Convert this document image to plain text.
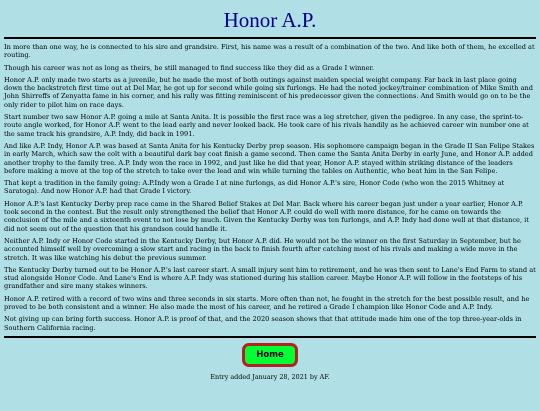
Honor A.P.

In more than one way, he is connected to his sire and grandsire. First, his name was a result of a combination of the two. And like both of them, he excelled at routing.

Though his career was not as long as theirs, he still managed to find success like they did as a Grade I winner.

Honor A.P. only made two starts as a juvenile, but he made the most of both outings against maiden special weight company. Far back in last place going down the backstretch first time out at Del Mar, he got up for second while going six furlongs. He had the noted jockey/trainer combination of Mike Smith and John Shirreffs of Zenyatta fame in his corner, and his rally was fitting reminiscent of his predecessor given the connections. And Smith would go on to be the only rider to pilot him on race days.

Start number two saw Honor A.P. going a mile at Santa Anita. It is possible the first race was a leg stretcher, given the pedigree. In any case, the sprint-to-route angle worked, for Honor A.P. went to the lead early and never looked back. He took care of his rivals handily as he achieved career win number one at the same track his grandsire, A.P. Indy, did back in 1991.

And like A.P. Indy, Honor A.P. was based at Santa Anita for his Kentucky Derby prep season. His sophomore campaign began in the Grade II San Felipe Stakes in early March, which saw the colt with a beautiful dark bay coat finish a game second. Then came the Santa Anita Derby in early June, and Honor A.P. added another trophy to the family tree. A.P. Indy won the race in 1992, and just like he did that year, Honor A.P. stayed within striking distance of the leaders before making a move at the top of the stretch to take over the lead and win while turning the tables on Authentic, who beat him in the San Felipe.

That kept a tradition in the family going: A.P.Indy won a Grade I at nine furlongs, as did Honor A.P.'s sire, Honor Code (who won the 2015 Whitney at Saratoga). And now Honor A.P. had that Grade I victory.

Honor A.P.'s last Kentucky Derby prep race came in the Shared Belief Stakes at Del Mar. Back where his career began just under a year earlier, Honor A.P. took second in the contest. But the result only strengthened the belief that Honor A.P. could do well with more distance, for he came on towards the conclusion of the mile and a sixteenth event to not lose by much. Given the Kentucky Derby was ten furlongs, and A.P. Indy had done well at that distance, it did not seem out of the question that his grandson could handle it.

Neither A.P. Indy or Honor Code started in the Kentucky Derby, but Honor A.P. did. He would not be the winner on the first Saturday in September, but he accounted himself well by overcoming a slow start and racing in the back to finish fourth after catching most of his rivals and making a wide move in the stretch. It was like watching his debut the previous summer.

The Kentucky Derby turned out to be Honor A.P.'s last career start. A small injury sent him to retirement, and he was then sent to Lane's End Farm to stand at stud alongside Honor Code. And Lane's End is where A.P. Indy was stationed during his stallion career. Maybe Honor A.P. will follow in the footsteps of his grandfather and sire many stakes winners.

Honor A.P. retired with a record of two wins and three seconds in six starts. More often than not, he fought in the stretch for the best possible result, and he proved to be both consistent and a winner. He also made the most of his career, and he retired a Grade I champion like Honor Code and A.P. Indy.

Not giving up can bring forth success. Honor A.P. is proof of that, and the 2020 season shows that that attitude made him one of the top three-year-olds in Southern California racing.

Home
Entry added January 28, 2021 by AF.
